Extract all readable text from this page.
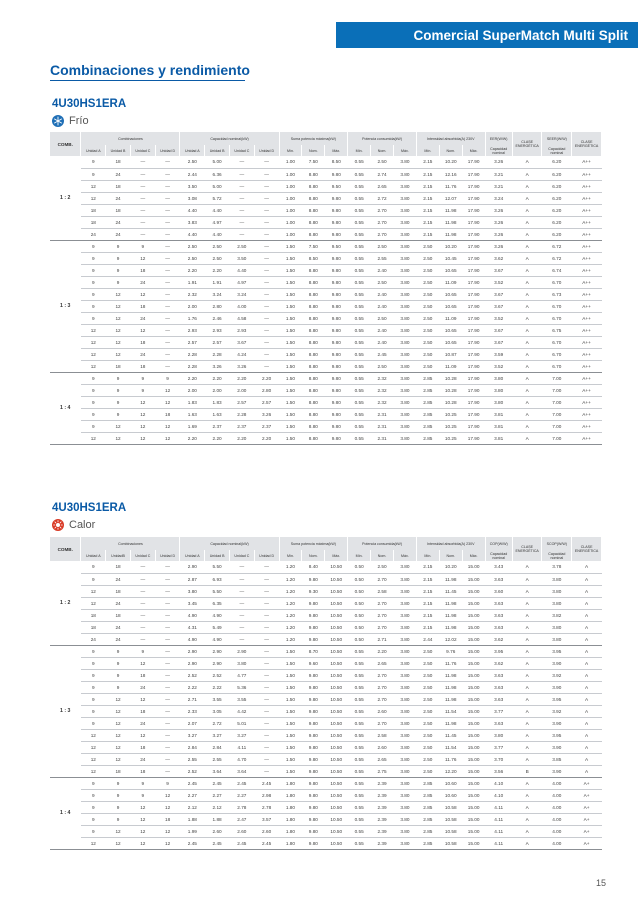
Comercial SuperMatch Multi Split
Combinaciones y rendimiento
4U30HS1ERA
Frío
COMB.	Combinaciones				Capacidad nominal(kW)				Suma potencia máxima(kW)			Potencia consumida(kW)			Intensidad absorbida(A) 230V			EER(W/W)	CLASE ENERGÉTICA	SEER(W/W)	CLASE ENERGÉTICA
	Unidad A	Unidad B	Unidad C	Unidad D	Unidad A	Unidad B	Unidad C	Unidad D	Mín.	Nom.	Máx.	Mín.	Nom.	Máx.	Mín.	Nom.	Máx.	Capacidad nominal		Capacidad nominal	
1 : 2	9	18	—	—	2.50	5.00	—	—	1.00	7.50	8.50	0.55	2.50	3.80	2.15	10.20	17.90	3.26	A	6.20	A++
	9	24	—	—	2.44	6.36	—	—	1.00	8.80	9.80	0.55	2.74	3.80	2.15	12.16	17.90	3.21	A	6.20	A++
	12	18	—	—	3.50	5.00	—	—	1.00	8.80	9.50	0.55	2.65	3.80	2.15	11.76	17.90	3.21	A	6.20	A++
	12	24	—	—	3.08	5.72	—	—	1.00	8.80	9.80	0.55	2.72	3.80	2.15	12.07	17.90	3.24	A	6.20	A++
	18	18	—	—	4.40	4.40	—	—	1.00	8.80	9.80	0.55	2.70	3.80	2.15	11.98	17.90	3.26	A	6.20	A++
	18	24	—	—	3.83	4.97	—	—	1.00	8.80	9.80	0.55	2.70	3.80	2.15	11.98	17.90	3.26	A	6.20	A++
	24	24	—	—	4.40	4.40	—	—	1.00	8.80	9.80	0.55	2.70	3.80	2.15	11.98	17.90	3.26	A	6.20	A++
1 : 3	9	9	9	—	2.50	2.50	2.50	—	1.50	7.50	9.50	0.55	2.50	3.80	2.50	10.20	17.90	3.26	A	6.72	A++
	9	9	12	—	2.50	2.50	3.50	—	1.50	8.50	9.80	0.55	2.55	3.80	2.50	10.45	17.90	3.62	A	6.72	A++
	9	9	18	—	2.20	2.20	4.40	—	1.50	8.80	9.80	0.55	2.40	3.80	2.50	10.65	17.90	3.67	A	6.74	A++
	9	9	24	—	1.91	1.91	4.97	—	1.50	8.80	9.80	0.55	2.50	3.80	2.50	11.09	17.90	3.52	A	6.70	A++
	9	12	12	—	2.32	3.24	3.24	—	1.50	8.80	9.80	0.55	2.40	3.80	2.50	10.65	17.90	3.67	A	6.73	A++
	9	12	18	—	2.00	2.80	4.00	—	1.50	8.80	9.80	0.55	2.40	3.80	2.50	10.65	17.90	3.67	A	6.70	A++
	9	12	24	—	1.76	2.46	4.58	—	1.50	8.80	9.80	0.55	2.50	3.80	2.50	11.09	17.90	3.52	A	6.70	A++
	12	12	12	—	2.93	2.93	2.93	—	1.50	8.80	9.80	0.55	2.40	3.80	2.50	10.65	17.90	3.67	A	6.75	A++
	12	12	18	—	2.57	2.57	3.67	—	1.50	8.80	9.80	0.55	2.40	3.80	2.50	10.65	17.90	3.67	A	6.70	A++
	12	12	24	—	2.28	2.28	4.24	—	1.50	8.80	9.80	0.55	2.45	3.80	2.50	10.87	17.90	3.59	A	6.70	A++
	12	18	18	—	2.28	3.26	3.26	—	1.50	8.80	9.80	0.55	2.50	3.80	2.50	11.09	17.90	3.52	A	6.70	A++
1 : 4	9	9	9	9	2.20	2.20	2.20	2.20	1.50	8.80	9.80	0.55	2.32	3.80	2.85	10.28	17.90	3.80	A	7.00	A++
	9	9	9	12	2.00	2.00	2.00	2.80	1.50	8.80	9.80	0.55	2.32	3.80	2.85	10.28	17.90	3.80	A	7.00	A++
	9	9	12	12	1.83	1.83	2.57	2.57	1.50	8.80	9.80	0.55	2.32	3.80	2.85	10.28	17.90	3.80	A	7.00	A++
	9	9	12	18	1.63	1.63	2.28	3.26	1.50	8.80	9.80	0.55	2.31	3.80	2.85	10.25	17.90	3.81	A	7.00	A++
	9	12	12	12	1.69	2.37	2.37	2.37	1.50	8.80	9.80	0.55	2.31	3.80	2.85	10.25	17.90	3.81	A	7.00	A++
	12	12	12	12	2.20	2.20	2.20	2.20	1.50	8.80	9.80	0.55	2.31	3.80	2.85	10.25	17.90	3.81	A	7.00	A++
4U30HS1ERA
Calor
COMB.	Combinaciones				Capacidad nominal(kW)				Suma potencia máxima(kW)			Potencia consumida(kW)			Intensidad absorbida(A) 230V			COP(W/W)	CLASE ENERGÉTICA	SCOP(W/W)	CLASE ENERGÉTICA
	Unidad A	UnidadB	Unidad C	Unidad D	Unidad A	Unidad B	Unidad C	Unidad D	Mín.	Nom.	Máx.	Mín.	Nom.	Máx.	Mín.	Nom.	Máx.	Capacidad nominal		Capacidad nominal	
1 : 2	9	18	—	—	2.90	5.50	—	—	1.20	8.40	10.50	0.50	2.50	3.80	2.15	10.20	15.00	3.43	A	3.78	A
	9	24	—	—	2.87	6.93	—	—	1.20	9.80	10.50	0.50	2.70	3.80	2.15	11.98	15.00	3.63	A	3.80	A
	12	18	—	—	3.80	5.50	—	—	1.20	9.30	10.50	0.50	2.58	3.80	2.15	11.45	15.00	3.60	A	3.80	A
	12	24	—	—	3.45	6.35	—	—	1.20	9.80	10.50	0.50	2.70	3.80	2.15	11.98	15.00	3.63	A	3.80	A
	18	18	—	—	4.90	4.90	—	—	1.20	9.80	10.50	0.50	2.70	3.80	2.15	11.98	15.00	3.63	A	3.82	A
	18	24	—	—	4.31	5.49	—	—	1.20	9.80	10.50	0.50	2.70	3.80	2.15	11.98	15.00	3.63	A	3.80	A
	24	24	—	—	4.90	4.90	—	—	1.20	9.80	10.50	0.50	2.71	3.80	2.44	12.02	15.00	3.62	A	3.80	A
1 : 3	9	9	9	—	2.90	2.90	2.90	—	1.50	8.70	10.50	0.55	2.20	3.80	2.50	9.76	15.00	3.95	A	3.95	A
	9	9	12	—	2.90	2.90	3.80	—	1.50	9.60	10.50	0.55	2.65	3.80	2.50	11.76	15.00	3.62	A	3.90	A
	9	9	18	—	2.52	2.52	4.77	—	1.50	9.80	10.50	0.55	2.70	3.80	2.50	11.98	15.00	3.63	A	3.92	A
	9	9	24	—	2.22	2.22	5.36	—	1.50	9.80	10.50	0.55	2.70	3.80	2.50	11.98	15.00	3.63	A	3.90	A
	9	12	12	—	2.71	3.55	3.55	—	1.50	9.80	10.50	0.55	2.70	3.80	2.50	11.98	15.00	3.63	A	3.95	A
	9	12	18	—	2.33	3.05	4.42	—	1.50	9.80	10.50	0.55	2.60	3.80	2.50	11.54	15.00	3.77	A	3.92	A
	9	12	24	—	2.07	2.72	5.01	—	1.50	9.80	10.50	0.55	2.70	3.80	2.50	11.98	15.00	3.63	A	3.90	A
	12	12	12	—	3.27	3.27	3.27	—	1.50	9.80	10.50	0.55	2.58	3.80	2.50	11.45	15.00	3.80	A	3.95	A
	12	12	18	—	2.84	2.84	4.11	—	1.50	9.80	10.50	0.55	2.60	3.80	2.50	11.54	15.00	3.77	A	3.90	A
	12	12	24	—	2.55	2.55	4.70	—	1.50	9.80	10.50	0.55	2.65	3.80	2.50	11.76	15.00	3.70	A	3.85	A
	12	18	18	—	2.52	3.64	3.64	—	1.50	9.80	10.50	0.55	2.75	3.80	2.50	12.20	15.00	3.56	B	3.90	A
1 : 4	9	9	9	9	2.45	2.45	2.45	2.45	1.80	9.80	10.50	0.55	2.39	3.80	2.85	10.60	15.00	4.10	A	4.00	A+
	9	9	9	12	2.27	2.27	2.27	2.98	1.80	9.80	10.50	0.55	2.39	3.80	2.85	10.60	15.00	4.10	A	4.00	A+
	9	9	12	12	2.12	2.12	2.78	2.78	1.80	9.80	10.50	0.55	2.39	3.80	2.85	10.58	15.00	4.11	A	4.00	A+
	9	9	12	18	1.88	1.88	2.47	3.57	1.80	9.80	10.50	0.55	2.39	3.80	2.85	10.58	15.00	4.11	A	4.00	A+
	9	12	12	12	1.99	2.60	2.60	2.60	1.80	9.80	10.50	0.55	2.39	3.80	2.85	10.58	15.00	4.11	A	4.00	A+
	12	12	12	12	2.45	2.45	2.45	2.45	1.80	9.80	10.50	0.55	2.39	3.80	2.85	10.58	15.00	4.11	A	4.00	A+
15
